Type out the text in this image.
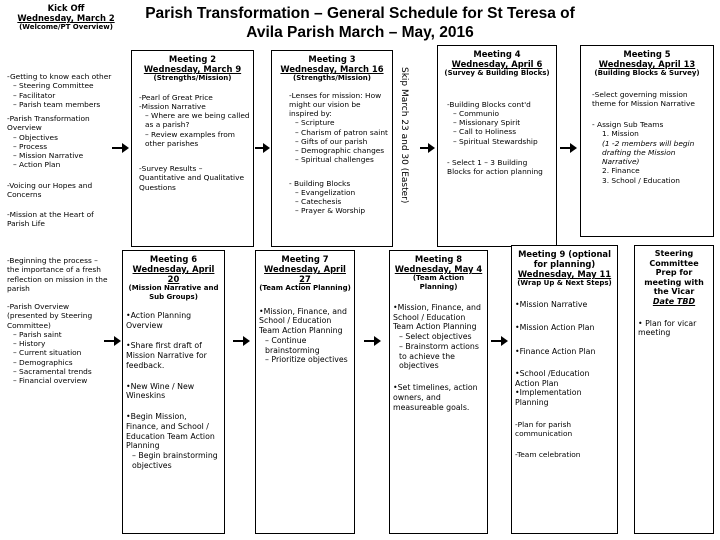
Parish Transformation – General Schedule for St Teresa of Avila Parish March – May, 2016
Kick Off
Wednesday, March 2
(Welcome/PT Overview)
-Getting to know each other
– Steering Committee
– Facilitator
– Parish team members
-Parish Transformation Overview
– Objectives
– Process
– Mission Narrative
– Action Plan
-Voicing our Hopes and Concerns
-Mission at the Heart of Parish Life
-Beginning the process – the importance of a fresh reflection on mission in the parish
-Parish Overview (presented by Steering Committee)
– Parish saint
– History
– Current situation
– Demographics
– Sacramental trends
– Financial overview
Meeting 2
Wednesday, March 9
(Strengths/Mission)
-Pearl of Great Price
-Mission Narrative
– Where are we being called as a parish?
– Review examples from other parishes
-Survey Results – Quantitative and Qualitative Questions
Meeting 3
Wednesday, March 16
(Strengths/Mission)
-Lenses for mission: How might our vision be inspired by:
– Scripture
– Charism of patron saint
– Gifts of our parish
– Demographic changes
– Spiritual challenges
- Building Blocks
– Evangelization
– Catechesis
– Prayer & Worship
Skip March 23 and 30 (Easter)
Meeting 4
Wednesday, April 6
(Survey & Building Blocks)
-Building Blocks cont'd
– Communio
– Missionary Spirit
– Call to Holiness
– Spiritual Stewardship
- Select 1 – 3 Building Blocks for action planning
Meeting 5
Wednesday, April 13
(Building Blocks & Survey)
-Select governing mission theme for Mission Narrative
- Assign Sub Teams
1. Mission
(1 -2 members will begin drafting the Mission Narrative)
2. Finance
3. School / Education
Meeting 6
Wednesday, April 20
(Mission Narrative and Sub Groups)
•Action Planning Overview
•Share first draft of Mission Narrative for feedback.
•New Wine / New Wineskins
•Begin Mission, Finance, and School / Education Team Action Planning
– Begin brainstorming objectives
Meeting 7
Wednesday, April 27
(Team Action Planning)
•Mission, Finance, and School / Education Team Action Planning
– Continue brainstorming
– Prioritize objectives
Meeting 8
Wednesday, May 4
(Team Action Planning)
•Mission, Finance, and School / Education Team Action Planning
– Select objectives
– Brainstorm actions to achieve the objectives
•Set timelines, action owners, and measureable goals.
Meeting 9 (optional for planning)
Wednesday, May 11
(Wrap Up & Next Steps)
•Mission Narrative
•Mission Action Plan
•Finance Action Plan
•School /Education Action Plan
•Implementation Planning
-Plan for parish communication
-Team celebration
Steering Committee Prep for meeting with the Vicar
Date TBD
• Plan for vicar meeting
